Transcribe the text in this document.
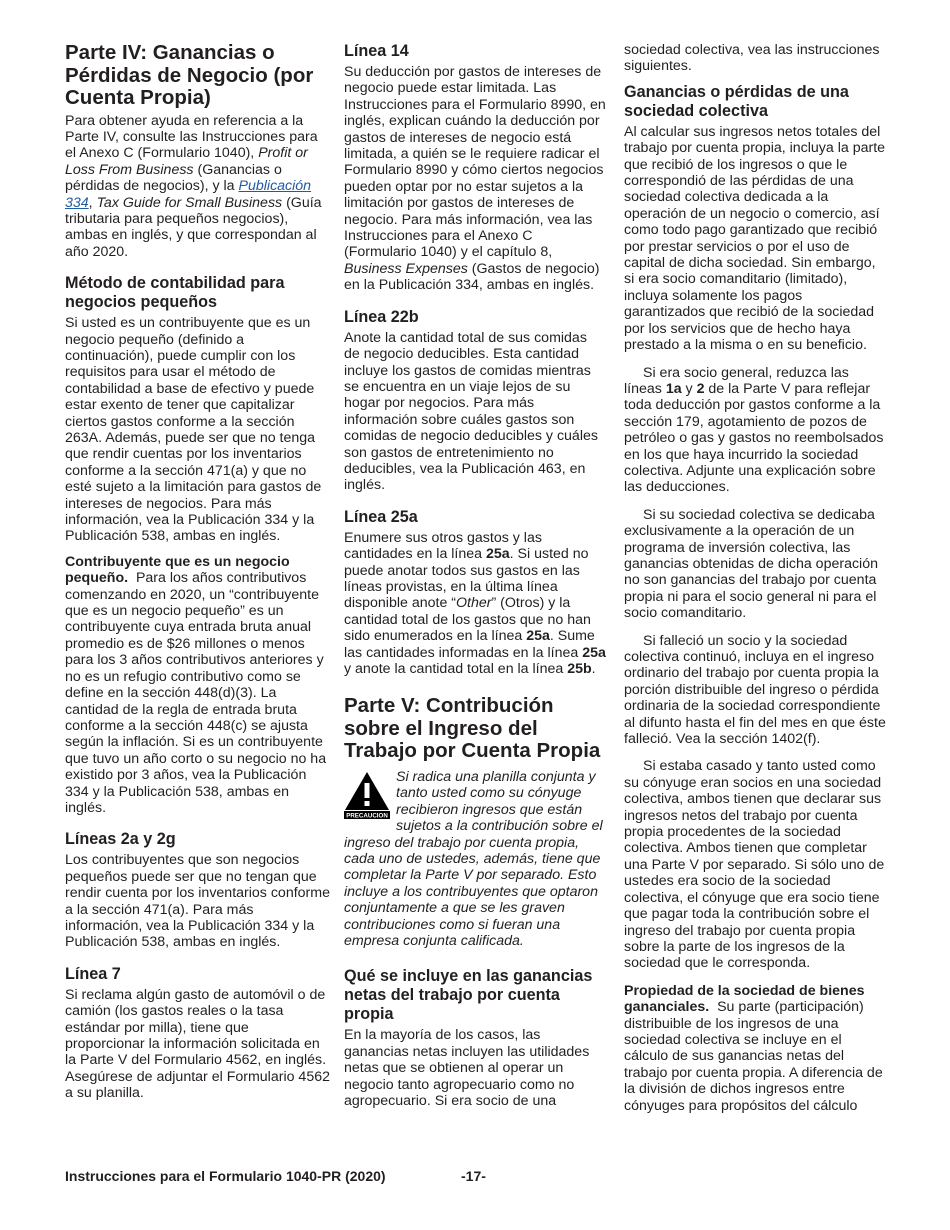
Parte IV: Ganancias o Pérdidas de Negocio (por Cuenta Propia)

Para obtener ayuda en referencia a la Parte IV, consulte las Instrucciones para el Anexo C (Formulario 1040), Profit or Loss From Business (Ganancias o pérdidas de negocios), y la Publicación 334, Tax Guide for Small Business (Guía tributaria para pequeños negocios), ambas en inglés, y que correspondan al año 2020.

Método de contabilidad para negocios pequeños

Si usted es un contribuyente que es un negocio pequeño (definido a continuación), puede cumplir con los requisitos para usar el método de contabilidad a base de efectivo y puede estar exento de tener que capitalizar ciertos gastos conforme a la sección 263A. Además, puede ser que no tenga que rendir cuentas por los inventarios conforme a la sección 471(a) y que no esté sujeto a la limitación para gastos de intereses de negocios. Para más información, vea la Publicación 334 y la Publicación 538, ambas en inglés.

Contribuyente que es un negocio pequeño. Para los años contributivos comenzando en 2020, un “contribuyente que es un negocio pequeño” es un contribuyente cuya entrada bruta anual promedio es de $26 millones o menos para los 3 años contributivos anteriores y no es un refugio contributivo como se define en la sección 448(d)(3). La cantidad de la regla de entrada bruta conforme a la sección 448(c) se ajusta según la inflación. Si es un contribuyente que tuvo un año corto o su negocio no ha existido por 3 años, vea la Publicación 334 y la Publicación 538, ambas en inglés.

Líneas 2a y 2g

Los contribuyentes que son negocios pequeños puede ser que no tengan que rendir cuenta por los inventarios conforme a la sección 471(a). Para más información, vea la Publicación 334 y la Publicación 538, ambas en inglés.

Línea 7

Si reclama algún gasto de automóvil o de camión (los gastos reales o la tasa estándar por milla), tiene que proporcionar la información solicitada en la Parte V del Formulario 4562, en inglés. Asegúrese de adjuntar el Formulario 4562 a su planilla.

Línea 14

Su deducción por gastos de intereses de negocio puede estar limitada. Las Instrucciones para el Formulario 8990, en inglés, explican cuándo la deducción por gastos de intereses de negocio está limitada, a quién se le requiere radicar el Formulario 8990 y cómo ciertos negocios pueden optar por no estar sujetos a la limitación por gastos de intereses de negocio. Para más información, vea las Instrucciones para el Anexo C (Formulario 1040) y el capítulo 8, Business Expenses (Gastos de negocio) en la Publicación 334, ambas en inglés.

Línea 22b

Anote la cantidad total de sus comidas de negocio deducibles. Esta cantidad incluye los gastos de comidas mientras se encuentra en un viaje lejos de su hogar por negocios. Para más información sobre cuáles gastos son comidas de negocio deducibles y cuáles son gastos de entretenimiento no deducibles, vea la Publicación 463, en inglés.

Línea 25a

Enumere sus otros gastos y las cantidades en la línea 25a. Si usted no puede anotar todos sus gastos en las líneas provistas, en la última línea disponible anote “Other” (Otros) y la cantidad total de los gastos que no han sido enumerados en la línea 25a. Sume las cantidades informadas en la línea 25a y anote la cantidad total en la línea 25b.

Parte V: Contribución sobre el Ingreso del Trabajo por Cuenta Propia

PRECAUCION
Si radica una planilla conjunta y tanto usted como su cónyuge recibieron ingresos que están sujetos a la contribución sobre el ingreso del trabajo por cuenta propia, cada uno de ustedes, además, tiene que completar la Parte V por separado. Esto incluye a los contribuyentes que optaron conjuntamente a que se les graven contribuciones como si fueran una empresa conjunta calificada.

Qué se incluye en las ganancias netas del trabajo por cuenta propia

En la mayoría de los casos, las ganancias netas incluyen las utilidades netas que se obtienen al operar un negocio tanto agropecuario como no agropecuario. Si era socio de una

sociedad colectiva, vea las instrucciones siguientes.

Ganancias o pérdidas de una sociedad colectiva

Al calcular sus ingresos netos totales del trabajo por cuenta propia, incluya la parte que recibió de los ingresos o que le correspondió de las pérdidas de una sociedad colectiva dedicada a la operación de un negocio o comercio, así como todo pago garantizado que recibió por prestar servicios o por el uso de capital de dicha sociedad. Sin embargo, si era socio comanditario (limitado), incluya solamente los pagos garantizados que recibió de la sociedad por los servicios que de hecho haya prestado a la misma o en su beneficio.

Si era socio general, reduzca las líneas 1a y 2 de la Parte V para reflejar toda deducción por gastos conforme a la sección 179, agotamiento de pozos de petróleo o gas y gastos no reembolsados en los que haya incurrido la sociedad colectiva. Adjunte una explicación sobre las deducciones.

Si su sociedad colectiva se dedicaba exclusivamente a la operación de un programa de inversión colectiva, las ganancias obtenidas de dicha operación no son ganancias del trabajo por cuenta propia ni para el socio general ni para el socio comanditario.

Si falleció un socio y la sociedad colectiva continuó, incluya en el ingreso ordinario del trabajo por cuenta propia la porción distribuible del ingreso o pérdida ordinaria de la sociedad correspondiente al difunto hasta el fin del mes en que éste falleció. Vea la sección 1402(f).

Si estaba casado y tanto usted como su cónyuge eran socios en una sociedad colectiva, ambos tienen que declarar sus ingresos netos del trabajo por cuenta propia procedentes de la sociedad colectiva. Ambos tienen que completar una Parte V por separado. Si sólo uno de ustedes era socio de la sociedad colectiva, el cónyuge que era socio tiene que pagar toda la contribución sobre el ingreso del trabajo por cuenta propia sobre la parte de los ingresos de la sociedad que le corresponda.

Propiedad de la sociedad de bienes gananciales. Su parte (participación) distribuible de los ingresos de una sociedad colectiva se incluye en el cálculo de sus ganancias netas del trabajo por cuenta propia. A diferencia de la división de dichos ingresos entre cónyuges para propósitos del cálculo

Instrucciones para el Formulario 1040-PR (2020)	-17-
